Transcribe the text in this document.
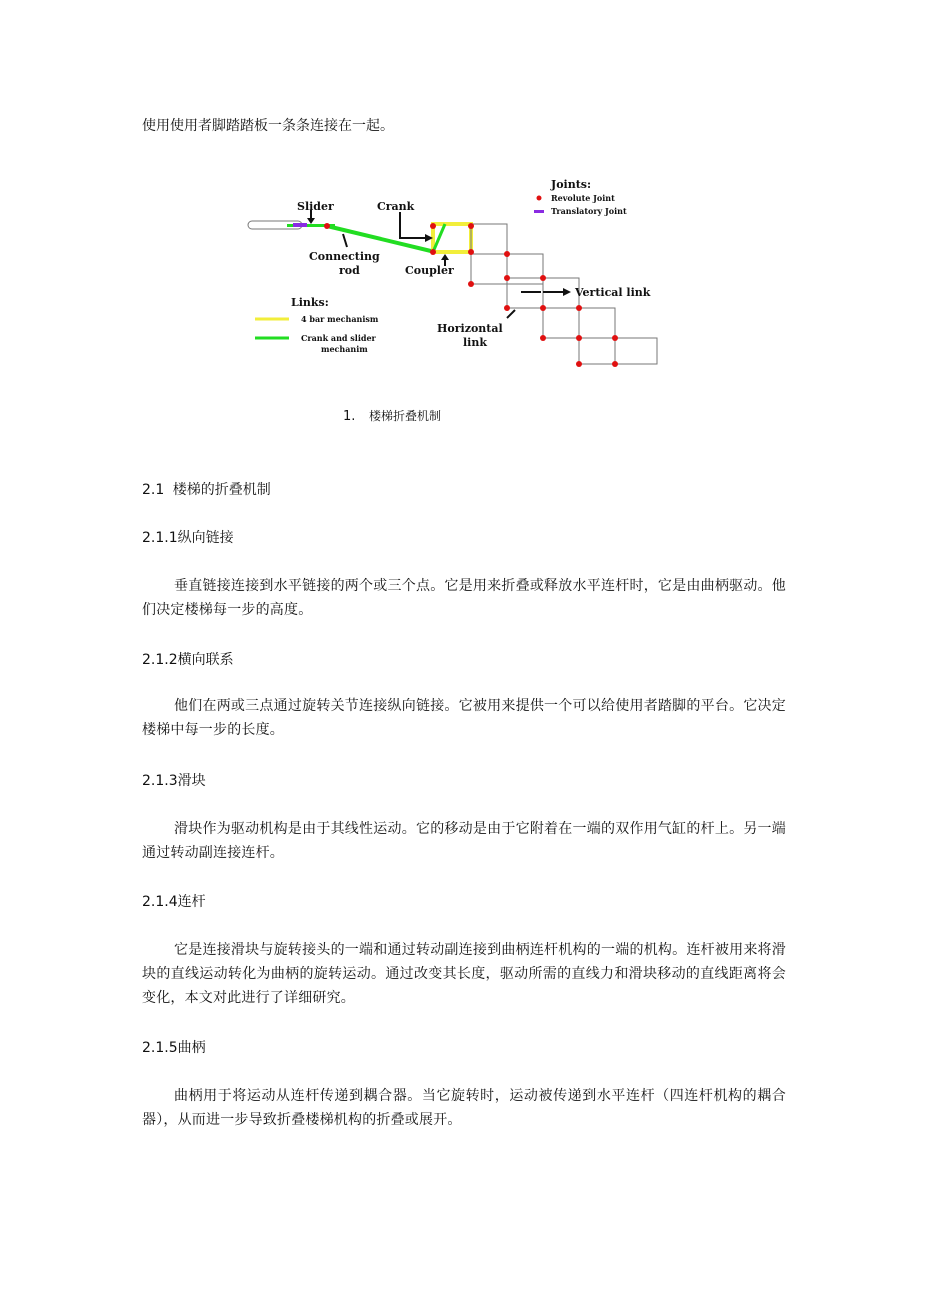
使用使用者脚踏踏板一条条连接在一起。
Joints:
Revolute Joint
Translatory Joint
Slider	Crank
Connecting
rod	Coupler
Vertical link
Horizontal
link
Links:
4 bar mechanism
Crank and slider
mechanim
1. 楼梯折叠机制
2.1 楼梯的折叠机制
2.1.1纵向链接
垂直链接连接到水平链接的两个或三个点。它是用来折叠或释放水平连杆时，它是由曲柄驱动。他们决定楼梯每一步的高度。
2.1.2横向联系
他们在两或三点通过旋转关节连接纵向链接。它被用来提供一个可以给使用者踏脚的平台。它决定楼梯中每一步的长度。
2.1.3滑块
滑块作为驱动机构是由于其线性运动。它的移动是由于它附着在一端的双作用气缸的杆上。另一端通过转动副连接连杆。
2.1.4连杆
它是连接滑块与旋转接头的一端和通过转动副连接到曲柄连杆机构的一端的机构。连杆被用来将滑块的直线运动转化为曲柄的旋转运动。通过改变其长度，驱动所需的直线力和滑块移动的直线距离将会变化，本文对此进行了详细研究。
2.1.5曲柄
曲柄用于将运动从连杆传递到耦合器。当它旋转时，运动被传递到水平连杆（四连杆机构的耦合器），从而进一步导致折叠楼梯机构的折叠或展开。
